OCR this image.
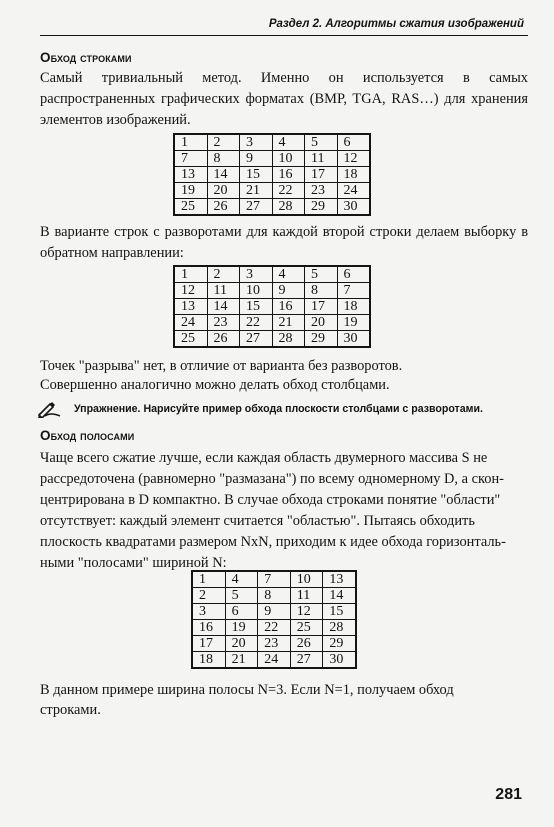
Раздел 2. Алгоритмы сжатия изображений
Обход строками

Самый тривиальный метод. Именно он используется в самых распространенных графических форматах (BMP, TGA, RAS…) для хранения элементов изображений.

1	2	3	4	5	6
7	8	9	10	11	12
13	14	15	16	17	18
19	20	21	22	23	24
25	26	27	28	29	30

В варианте строк с разворотами для каждой второй строки делаем выборку в обратном направлении:

1	2	3	4	5	6
12	11	10	9	8	7
13	14	15	16	17	18
24	23	22	21	20	19
25	26	27	28	29	30

Точек "разрыва" нет, в отличие от варианта без разворотов.

Совершенно аналогично можно делать обход столбцами.

Упражнение. Нарисуйте пример обхода плоскости столбцами с разворотами.
Обход полосами

Чаще всего сжатие лучше, если каждая область двумерного массива S не

рассредоточена (равномерно "размазана") по всему одномерному D, а скон-

центрирована в D компактно. В случае обхода строками понятие "области"

отсутствует: каждый элемент считается "областью". Пытаясь обходить

плоскость квадратами размером NxN, приходим к идее обхода горизонталь-

ными "полосами" шириной N:

1	4	7	10	13
2	5	8	11	14
3	6	9	12	15
16	19	22	25	28
17	20	23	26	29
18	21	24	27	30

В данном примере ширина полосы N=3. Если N=1, получаем обход

строками.

281
